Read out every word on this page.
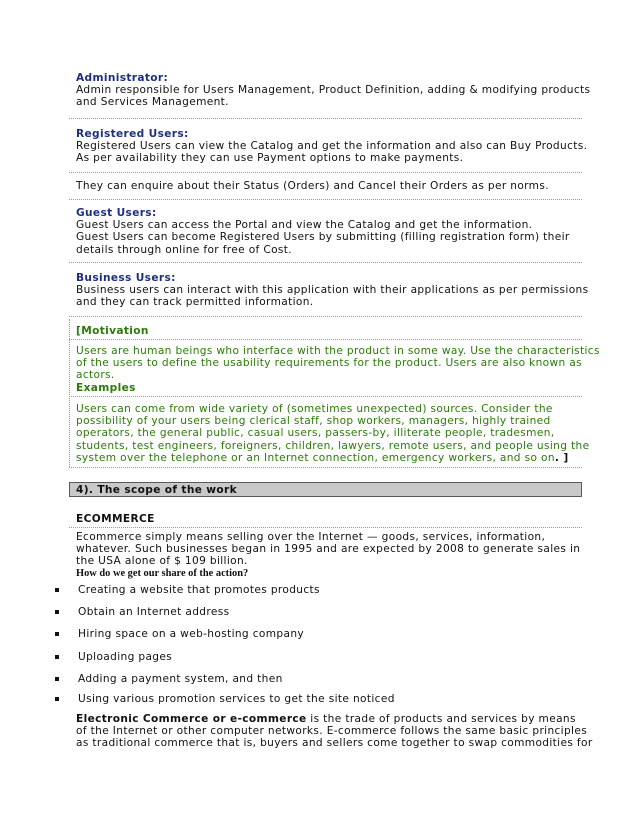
Administrator:
Admin responsible for Users Management, Product Definition, adding & modifying products
and Services Management.
Registered Users:
Registered Users can view the Catalog and get the information and also can Buy Products.
As per availability they can use Payment options to make payments.
They can enquire about their Status (Orders) and Cancel their Orders as per norms.
Guest Users:
Guest Users can access the Portal and view the Catalog and get the information.
Guest Users can become Registered Users by submitting (filling registration form) their
details through online for free of Cost.
Business Users:
Business users can interact with this application with their applications as per permissions
and they can track permitted information.
[Motivation
Users are human beings who interface with the product in some way. Use the characteristics
of the users to define the usability requirements for the product. Users are also known as
actors.
Examples
Users can come from wide variety of (sometimes unexpected) sources. Consider the
possibility of your users being clerical staff, shop workers, managers, highly trained
operators, the general public, casual users, passers-by, illiterate people, tradesmen,
students, test engineers, foreigners, children, lawyers, remote users, and people using the
system over the telephone or an Internet connection, emergency workers, and so on. ]
4). The scope of the work
ECOMMERCE
Ecommerce simply means selling over the Internet — goods, services, information,
whatever. Such businesses began in 1995 and are expected by 2008 to generate sales in
the USA alone of $ 109 billion.
How do we get our share of the action?
Creating a website that promotes products
Obtain an Internet address
Hiring space on a web-hosting company
Uploading pages
Adding a payment system, and then
Using various promotion services to get the site noticed
Electronic Commerce or e-commerce is the trade of products and services by means
of the Internet or other computer networks. E-commerce follows the same basic principles
as traditional commerce that is, buyers and sellers come together to swap commodities for
